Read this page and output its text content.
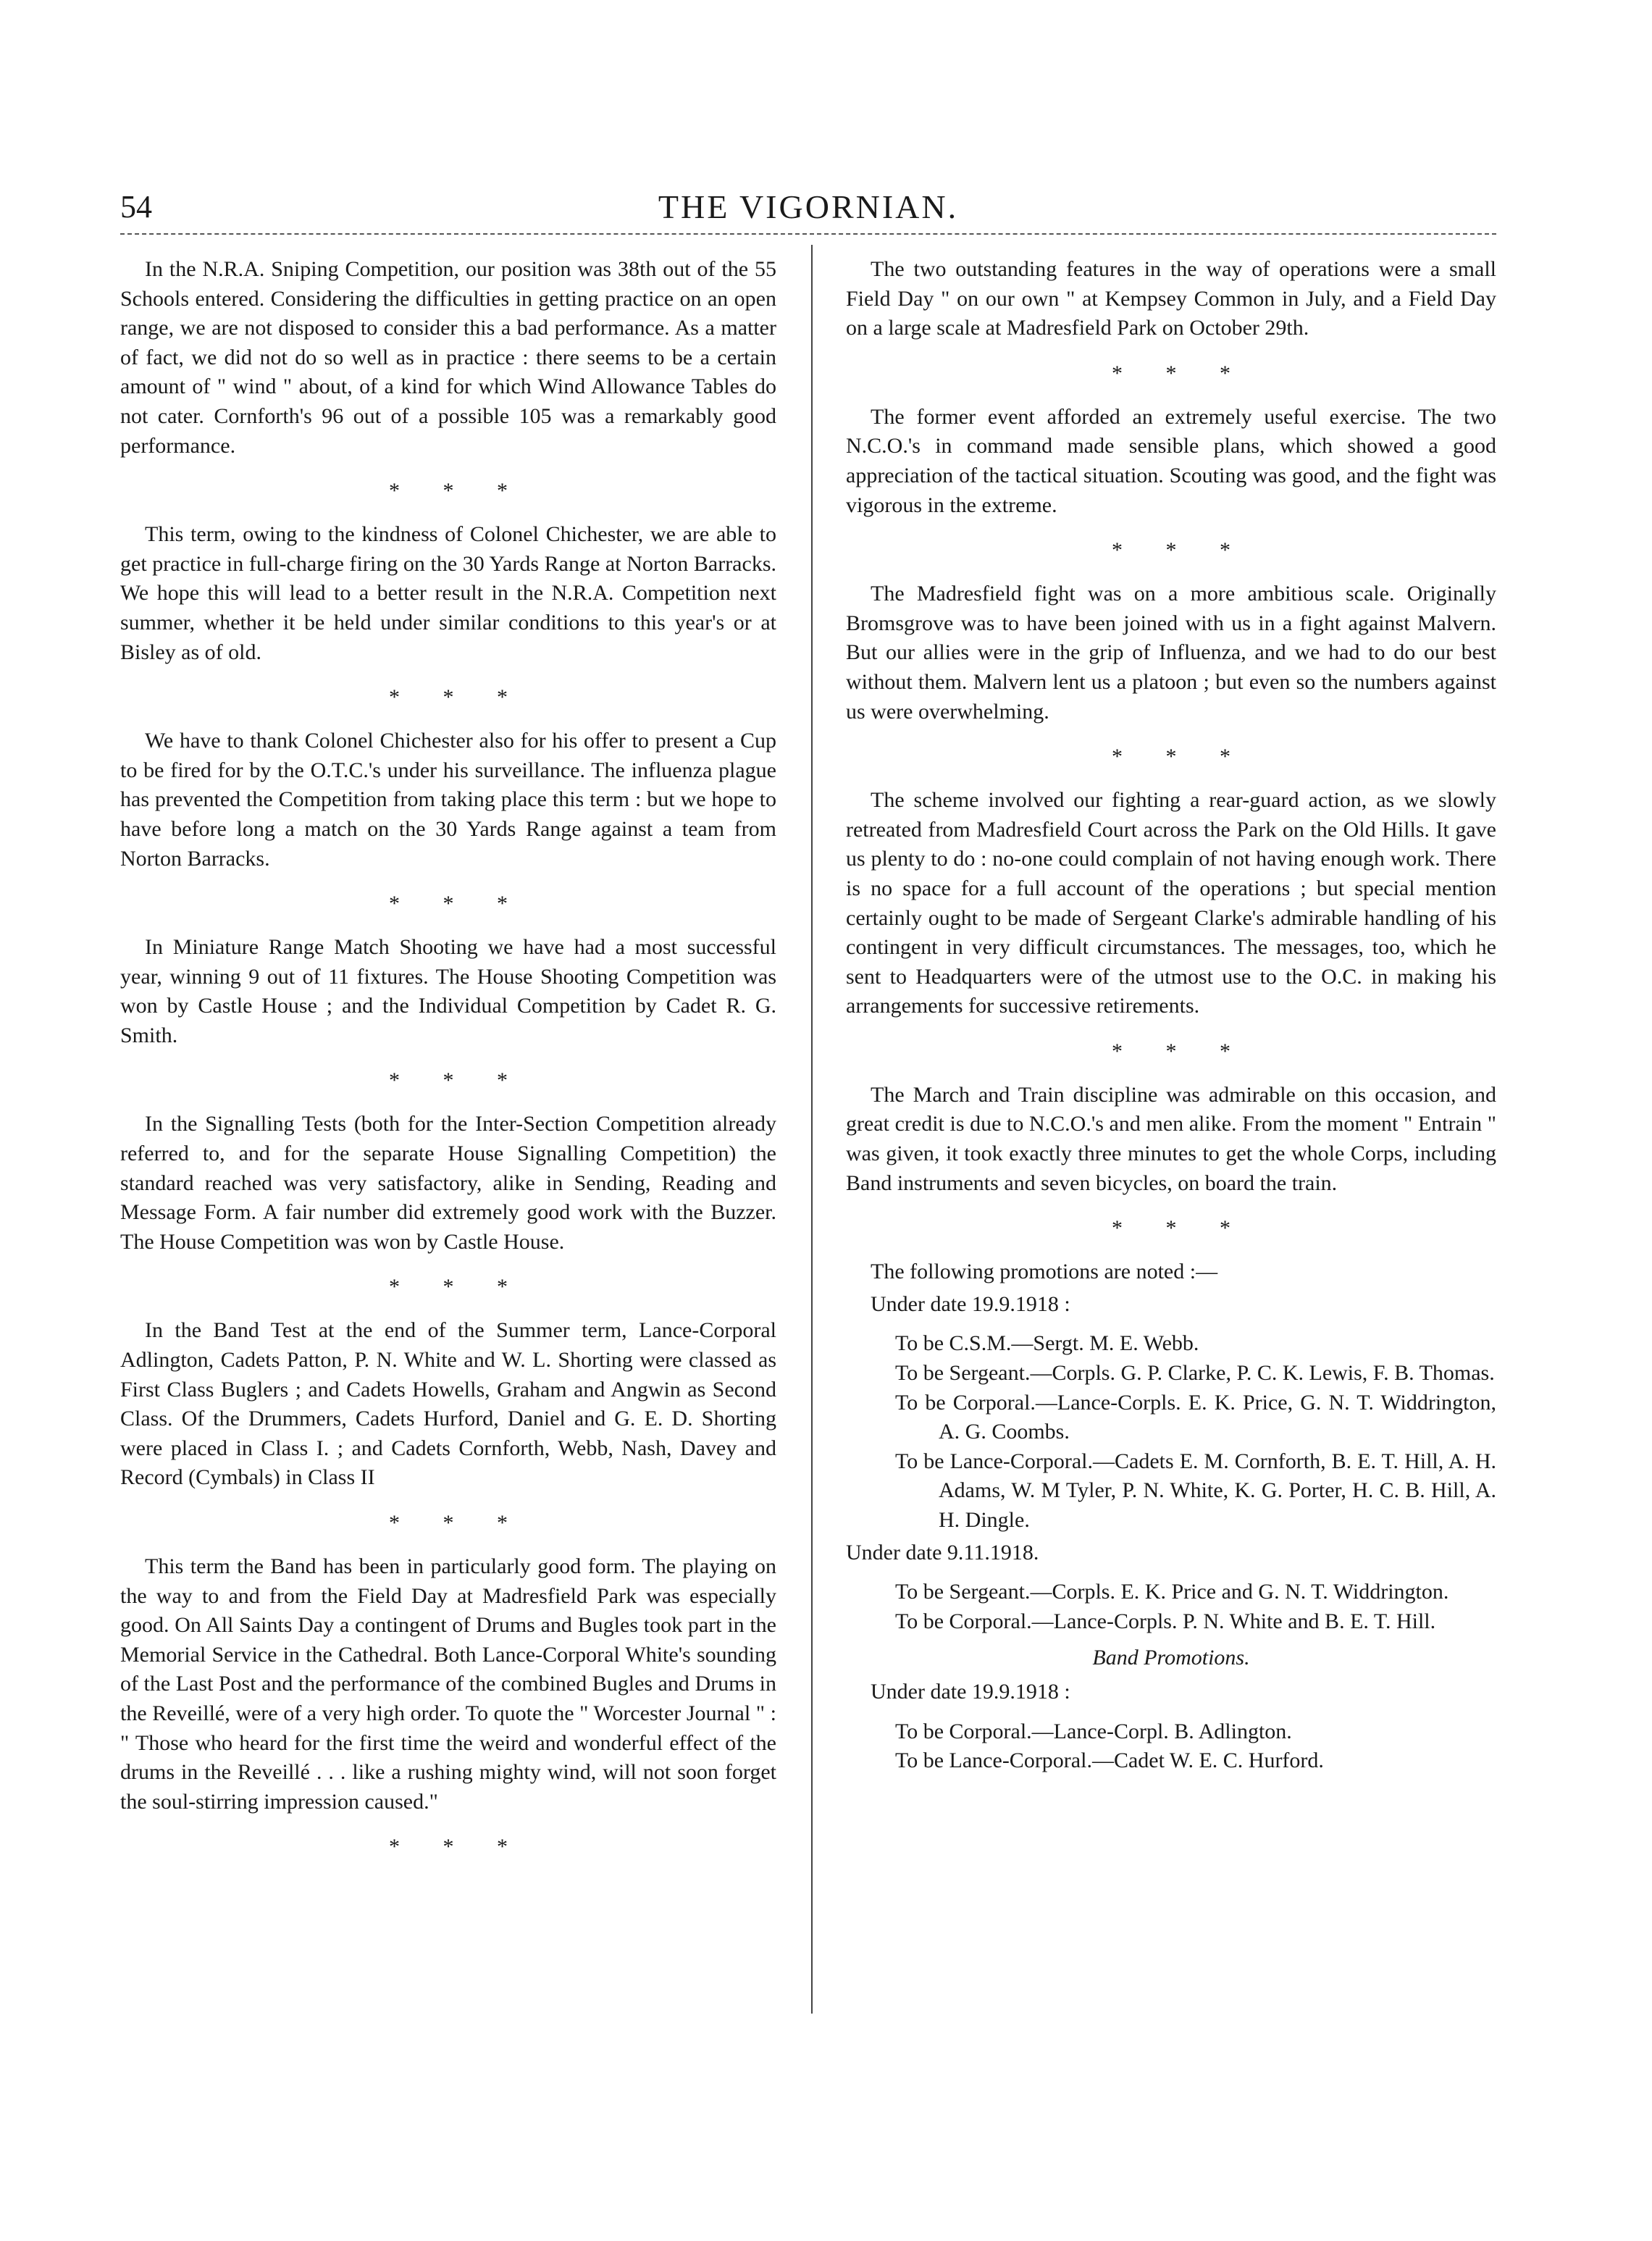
54	THE VIGORNIAN.

In the N.R.A. Sniping Competition, our position was 38th out of the 55 Schools entered. Considering the difficulties in getting practice on an open range, we are not disposed to consider this a bad performance. As a matter of fact, we did not do so well as in practice : there seems to be a certain amount of " wind " about, of a kind for which Wind Allowance Tables do not cater. Cornforth's 96 out of a possible 105 was a remarkably good performance.

* * *

This term, owing to the kindness of Colonel Chichester, we are able to get practice in full-charge firing on the 30 Yards Range at Norton Barracks. We hope this will lead to a better result in the N.R.A. Competition next summer, whether it be held under similar conditions to this year's or at Bisley as of old.

* * *

We have to thank Colonel Chichester also for his offer to present a Cup to be fired for by the O.T.C.'s under his surveillance. The influenza plague has prevented the Competition from taking place this term : but we hope to have before long a match on the 30 Yards Range against a team from Norton Barracks.

* * *

In Miniature Range Match Shooting we have had a most successful year, winning 9 out of 11 fixtures. The House Shooting Competition was won by Castle House ; and the Individual Competition by Cadet R. G. Smith.

* * *

In the Signalling Tests (both for the Inter-Section Competition already referred to, and for the separate House Signalling Competition) the standard reached was very satisfactory, alike in Sending, Reading and Message Form. A fair number did extremely good work with the Buzzer. The House Competition was won by Castle House.

* * *

In the Band Test at the end of the Summer term, Lance-Corporal Adlington, Cadets Patton, P. N. White and W. L. Shorting were classed as First Class Buglers ; and Cadets Howells, Graham and Angwin as Second Class. Of the Drummers, Cadets Hurford, Daniel and G. E. D. Shorting were placed in Class I. ; and Cadets Cornforth, Webb, Nash, Davey and Record (Cymbals) in Class II

* * *

This term the Band has been in particularly good form. The playing on the way to and from the Field Day at Madresfield Park was especially good. On All Saints Day a contingent of Drums and Bugles took part in the Memorial Service in the Cathedral. Both Lance-Corporal White's sounding of the Last Post and the performance of the combined Bugles and Drums in the Reveillé, were of a very high order. To quote the " Worcester Journal " : " Those who heard for the first time the weird and wonderful effect of the drums in the Reveillé . . . like a rushing mighty wind, will not soon forget the soul-stirring impression caused."

* * *

The two outstanding features in the way of operations were a small Field Day " on our own " at Kempsey Common in July, and a Field Day on a large scale at Madresfield Park on October 29th.

* * *

The former event afforded an extremely useful exercise. The two N.C.O.'s in command made sensible plans, which showed a good appreciation of the tactical situation. Scouting was good, and the fight was vigorous in the extreme.

* * *

The Madresfield fight was on a more ambitious scale. Originally Bromsgrove was to have been joined with us in a fight against Malvern. But our allies were in the grip of Influenza, and we had to do our best without them. Malvern lent us a platoon ; but even so the numbers against us were overwhelming.

* * *

The scheme involved our fighting a rear-guard action, as we slowly retreated from Madresfield Court across the Park on the Old Hills. It gave us plenty to do : no-one could complain of not having enough work. There is no space for a full account of the operations ; but special mention certainly ought to be made of Sergeant Clarke's admirable handling of his contingent in very difficult circumstances. The messages, too, which he sent to Headquarters were of the utmost use to the O.C. in making his arrangements for successive retirements.

* * *

The March and Train discipline was admirable on this occasion, and great credit is due to N.C.O.'s and men alike. From the moment " Entrain " was given, it took exactly three minutes to get the whole Corps, including Band instruments and seven bicycles, on board the train.

* * *

The following promotions are noted :—

Under date 19.9.1918 :

To be C.S.M.—Sergt. M. E. Webb.

To be Sergeant.—Corpls. G. P. Clarke, P. C. K. Lewis, F. B. Thomas.

To be Corporal.—Lance-Corpls. E. K. Price, G. N. T. Widdrington, A. G. Coombs.

To be Lance-Corporal.—Cadets E. M. Cornforth, B. E. T. Hill, A. H. Adams, W. M Tyler, P. N. White, K. G. Porter, H. C. B. Hill, A. H. Dingle.

Under date 9.11.1918.

To be Sergeant.—Corpls. E. K. Price and G. N. T. Widdrington.

To be Corporal.—Lance-Corpls. P. N. White and B. E. T. Hill.

Band Promotions.

Under date 19.9.1918 :

To be Corporal.—Lance-Corpl. B. Adlington.

To be Lance-Corporal.—Cadet W. E. C. Hurford.
